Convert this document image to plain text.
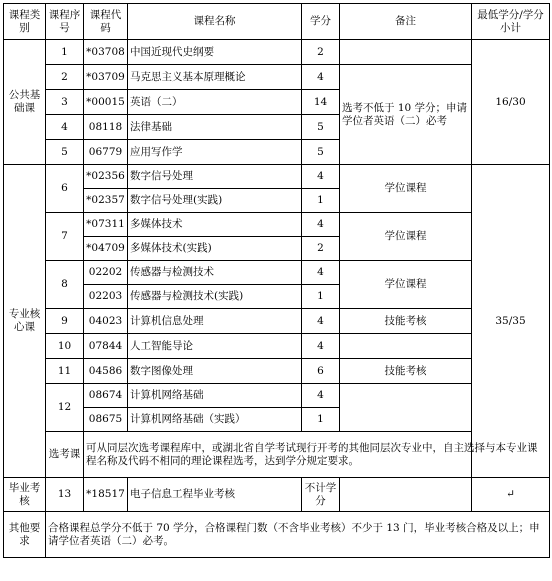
课程类别	课程序号	课程代码	课程名称	学分	备注	最低学分/学分小计
公共基础课	1	*03708	中国近现代史纲要	2		16/30
	2	*03709	马克思主义基本原理概论	4	选考不低于 10 学分；申请学位者英语（二）必考	
	3	*00015	英语（二）	14		
	4	08118	法律基础	5		
	5	06779	应用写作学	5		
专业核心课	6	*02356	数字信号处理	4	学位课程	35/35
		*02357	数字信号处理(实践)	1		
	7	*07311	多媒体技术	4	学位课程	
		*04709	多媒体技术(实践)	2		
	8	02202	传感器与检测技术	4	学位课程	
		02203	传感器与检测技术(实践)	1		
	9	04023	计算机信息处理	4	技能考核	
	10	07844	人工智能导论	4		
	11	04586	数字图像处理	6	技能考核	
	12	08674	计算机网络基础	4		
		08675	计算机网络基础（实践）	1		
	选考课	可从同层次选考课程库中，或湖北省自学考试现行开考的其他同层次专业中，自主选择与本专业课程名称及代码不相同的理论课程选考，达到学分规定要求。				
毕业考核	13	*18517	电子信息工程毕业考核	不计学分		↵
其他要求	合格课程总学分不低于 70 学分，合格课程门数（不含毕业考核）不少于 13 门，毕业考核合格及以上；申请学位者英语（二）必考。					
